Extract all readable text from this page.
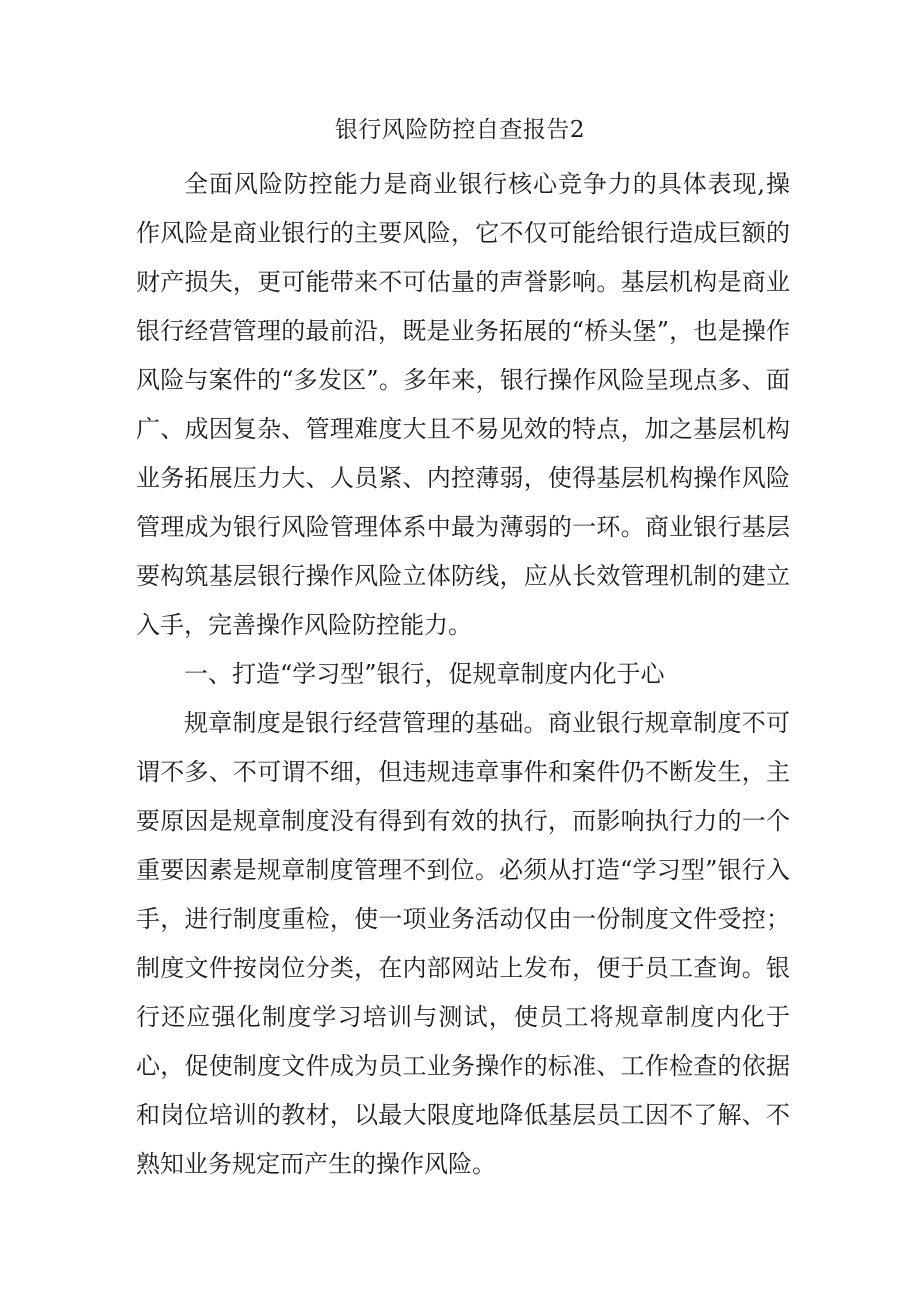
银行风险防控自查报告2

全面风险防控能力是商业银行核心竞争力的具体表现,操作风险是商业银行的主要风险，它不仅可能给银行造成巨额的财产损失，更可能带来不可估量的声誉影响。基层机构是商业银行经营管理的最前沿，既是业务拓展的“桥头堡”，也是操作风险与案件的“多发区”。多年来，银行操作风险呈现点多、面广、成因复杂、管理难度大且不易见效的特点，加之基层机构业务拓展压力大、人员紧、内控薄弱，使得基层机构操作风险管理成为银行风险管理体系中最为薄弱的一环。商业银行基层要构筑基层银行操作风险立体防线，应从长效管理机制的建立入手，完善操作风险防控能力。

一、打造“学习型”银行，促规章制度内化于心

规章制度是银行经营管理的基础。商业银行规章制度不可谓不多、不可谓不细，但违规违章事件和案件仍不断发生，主要原因是规章制度没有得到有效的执行，而影响执行力的一个重要因素是规章制度管理不到位。必须从打造“学习型”银行入手，进行制度重检，使一项业务活动仅由一份制度文件受控；制度文件按岗位分类，在内部网站上发布，便于员工查询。银行还应强化制度学习培训与测试，使员工将规章制度内化于心，促使制度文件成为员工业务操作的标准、工作检查的依据和岗位培训的教材，以最大限度地降低基层员工因不了解、不熟知业务规定而产生的操作风险。
